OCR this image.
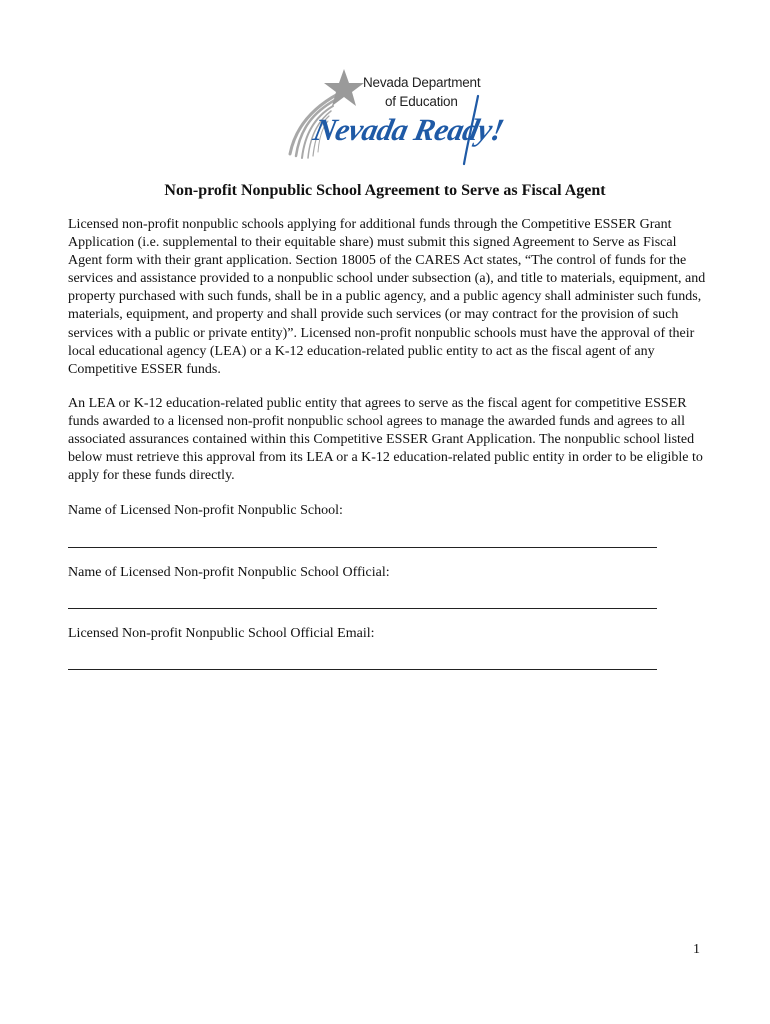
Nevada Department
of Education
Nevada Ready!
Non-profit Nonpublic School Agreement to Serve as Fiscal Agent

Licensed non-profit nonpublic schools applying for additional funds through the Competitive ESSER Grant Application (i.e. supplemental to their equitable share) must submit this signed Agreement to Serve as Fiscal Agent form with their grant application. Section 18005 of the CARES Act states, “The control of funds for the services and assistance provided to a nonpublic school under subsection (a), and title to materials, equipment, and property purchased with such funds, shall be in a public agency, and a public agency shall administer such funds, materials, equipment, and property and shall provide such services (or may contract for the provision of such services with a public or private entity)”. Licensed non-profit nonpublic schools must have the approval of their local educational agency (LEA) or a K-12 education-related public entity to act as the fiscal agent of any Competitive ESSER funds.

An LEA or K-12 education-related public entity that agrees to serve as the fiscal agent for competitive ESSER funds awarded to a licensed non-profit nonpublic school agrees to manage the awarded funds and agrees to all associated assurances contained within this Competitive ESSER Grant Application. The nonpublic school listed below must retrieve this approval from its LEA or a K-12 education-related public entity in order to be eligible to apply for these funds directly.

Name of Licensed Non-profit Nonpublic School:

Name of Licensed Non-profit Nonpublic School Official:

Licensed Non-profit Nonpublic School Official Email:

1
